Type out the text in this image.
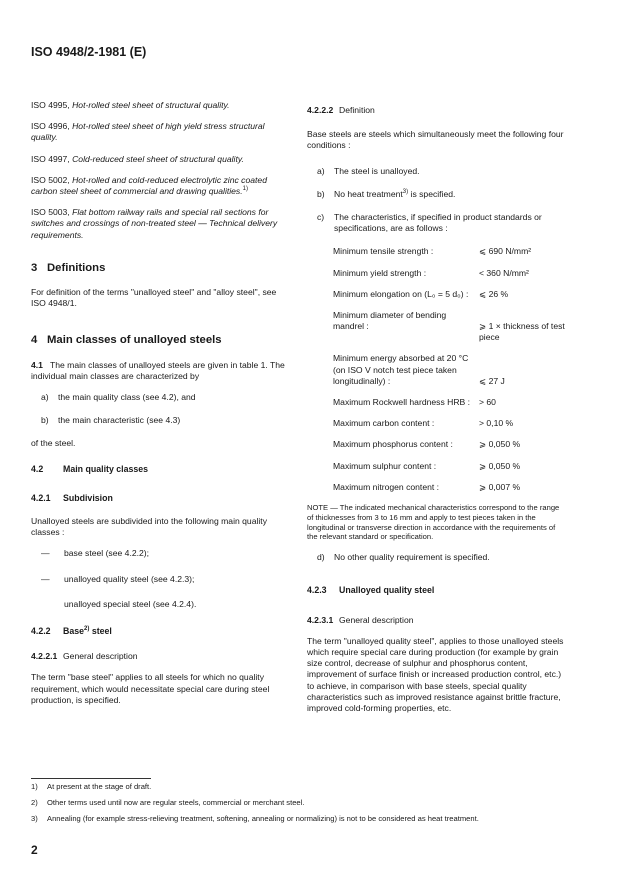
ISO 4948/2-1981 (E)

ISO 4995, Hot-rolled steel sheet of structural quality.

ISO 4996, Hot-rolled steel sheet of high yield stress structural quality.

ISO 4997, Cold-reduced steel sheet of structural quality.

ISO 5002, Hot-rolled and cold-reduced electrolytic zinc coated carbon steel sheet of commercial and drawing qualities.$^{1)}$

ISO 5003, Flat bottom railway rails and special rail sections for switches and crossings of non-treated steel — Technical delivery requirements.

3 Definitions

For definition of the terms "unalloyed steel" and "alloy steel", see ISO 4948/1.

4 Main classes of unalloyed steels

4.1 The main classes of unalloyed steels are given in table 1. The individual main classes are characterized by

a) the main quality class (see 4.2), and
b) the main characteristic (see 4.3)

of the steel.

4.2 Main quality classes
4.2.1 Subdivision

Unalloyed steels are subdivided into the following main quality classes :

— base steel (see 4.2.2);
— unalloyed quality steel (see 4.2.3);
unalloyed special steel (see 4.2.4).
4.2.2 Base$^{2)}$ steel
4.2.2.1 General description

The term "base steel" applies to all steels for which no quality requirement, which would necessitate special care during steel production, is specified.

4.2.2.2 Definition

Base steels are steels which simultaneously meet the following four conditions :

a) The steel is unalloyed.
b) No heat treatment$^{3)}$ is specified.
c) The characteristics, if specified in product standards or specifications, are as follows :
Minimum tensile strength :	⩽ 690 N/mm²
Minimum yield strength :	< 360 N/mm²
Minimum elongation on (L₀ = 5 d₀) :	⩽ 26 %
Minimum diameter of bending mandrel :	⩾ 1 × thickness of test piece
Minimum energy absorbed at 20 °C (on ISO V notch test piece taken longitudinally) :	⩽ 27 J
Maximum Rockwell hardness HRB :	> 60
Maximum carbon content :	> 0,10 %
Maximum phosphorus content :	⩾ 0,050 %
Maximum sulphur content :	⩾ 0,050 %
Maximum nitrogen content :	⩾ 0,007 %

NOTE — The indicated mechanical characteristics correspond to the range of thicknesses from 3 to 16 mm and apply to test pieces taken in the longitudinal or transverse direction in accordance with the requirements of the relevant standard or specification.

d) No other quality requirement is specified.
4.2.3 Unalloyed quality steel
4.2.3.1 General description

The term "unalloyed quality steel", applies to those unalloyed steels which require special care during production (for example by grain size control, decrease of sulphur and phosphorus content, improvement of surface finish or increased production control, etc.) to achieve, in comparison with base steels, special quality characteristics such as improved resistance against brittle fracture, improved cold-forming properties, etc.

1)	At present at the stage of draft.
2)	Other terms used until now are regular steels, commercial or merchant steel.
3)	Annealing (for example stress-relieving treatment, softening, annealing or normalizing) is not to be considered as heat treatment.
2
